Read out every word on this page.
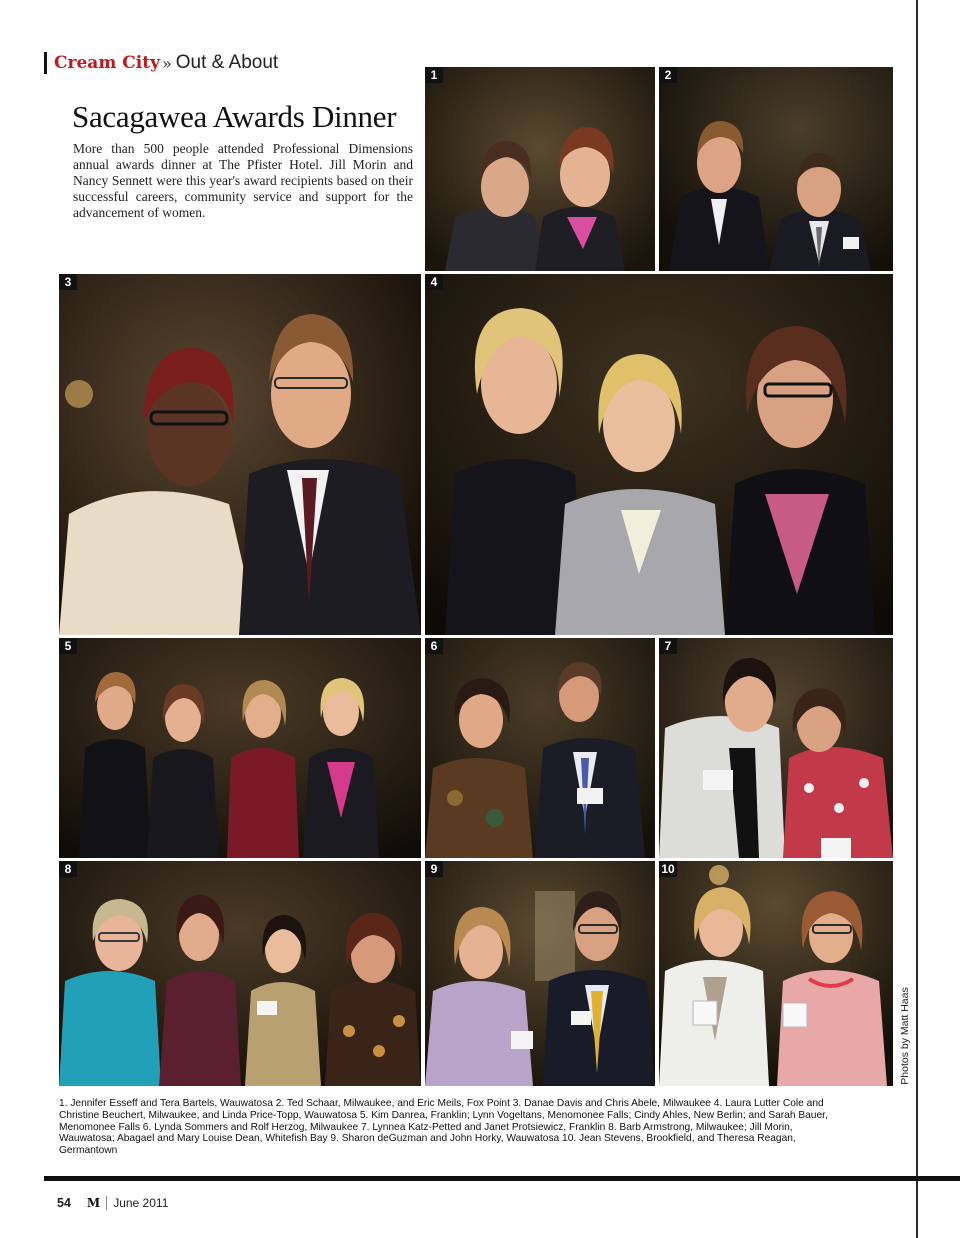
Cream City » Out & About
Sacagawea Awards Dinner

More than 500 people attended Professional Dimensions annual awards dinner at The Pfister Hotel. Jill Morin and Nancy Sennett were this year's award recipients based on their successful careers, community service and support for the advancement of women.

1	2
3	4
5	6	7
8	9	10
Photos by Matt Haas

1. Jennifer Esseff and Tera Bartels, Wauwatosa 2. Ted Schaar, Milwaukee, and Eric Meils, Fox Point 3. Danae Davis and Chris Abele, Milwaukee 4. Laura Lutter Cole and Christine Beuchert, Milwaukee, and Linda Price-Topp, Wauwatosa 5. Kim Danrea, Franklin; Lynn Vogeltans, Menomonee Falls; Cindy Ahles, New Berlin; and Sarah Bauer, Menomonee Falls 6. Lynda Sommers and Rolf Herzog, Milwaukee 7. Lynnea Katz-Petted and Janet Protsiewicz, Franklin 8. Barb Armstrong, Milwaukee; Jill Morin, Wauwatosa; Abagael and Mary Louise Dean, Whitefish Bay 9. Sharon deGuzman and John Horky, Wauwatosa 10. Jean Stevens, Brookfield, and Theresa Reagan, Germantown

54 M June 2011
